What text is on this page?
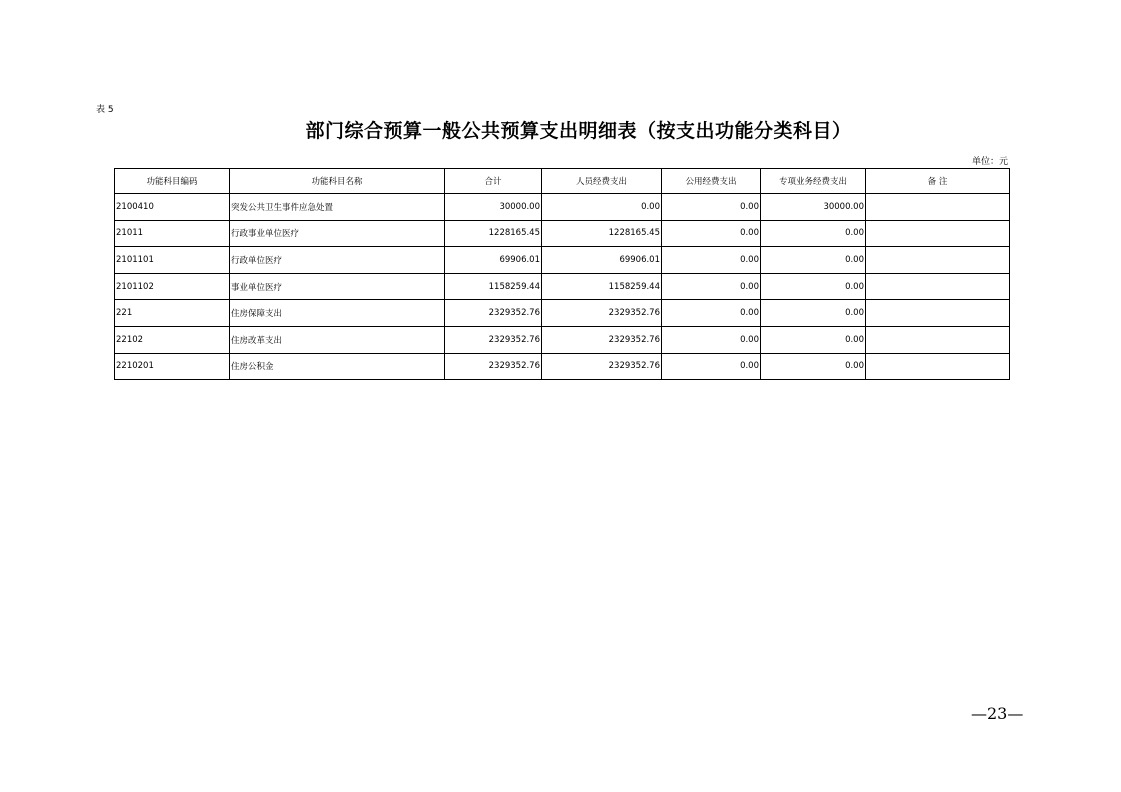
表 5
部门综合预算一般公共预算支出明细表（按支出功能分类科目）
单位：元
功能科目编码	功能科目名称	合计	人员经费支出	公用经费支出	专项业务经费支出	备 注
2100410	突发公共卫生事件应急处置	30000.00	0.00	0.00	30000.00	
21011	行政事业单位医疗	1228165.45	1228165.45	0.00	0.00	
2101101	行政单位医疗	69906.01	69906.01	0.00	0.00	
2101102	事业单位医疗	1158259.44	1158259.44	0.00	0.00	
221	住房保障支出	2329352.76	2329352.76	0.00	0.00	
22102	住房改革支出	2329352.76	2329352.76	0.00	0.00	
2210201	住房公积金	2329352.76	2329352.76	0.00	0.00	
—23—
